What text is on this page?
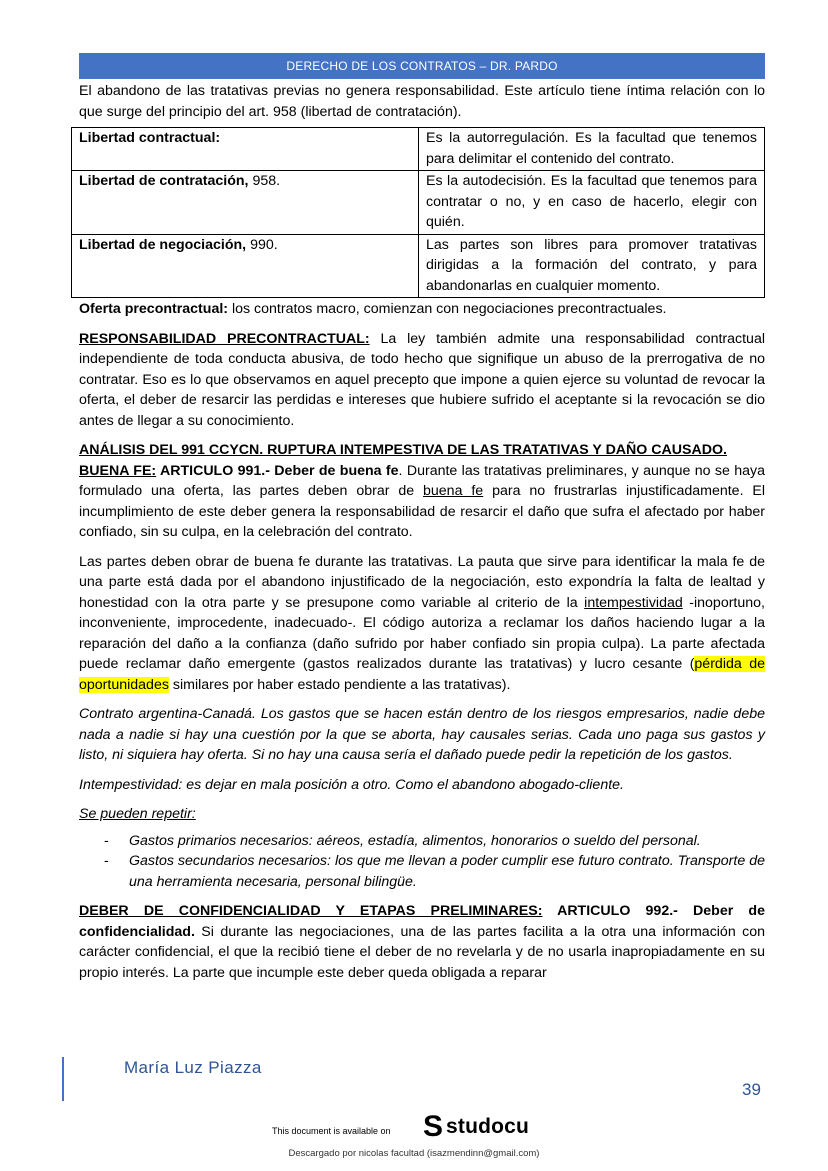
DERECHO DE LOS CONTRATOS – DR. PARDO

El abandono de las tratativas previas no genera responsabilidad. Este artículo tiene íntima relación con lo que surge del principio del art. 958 (libertad de contratación).

Libertad contractual:	Es la autorregulación. Es la facultad que tenemos para delimitar el contenido del contrato.
Libertad de contratación, 958.	Es la autodecisión. Es la facultad que tenemos para contratar o no, y en caso de hacerlo, elegir con quién.
Libertad de negociación, 990.	Las partes son libres para promover tratativas dirigidas a la formación del contrato, y para abandonarlas en cualquier momento.

Oferta precontractual: los contratos macro, comienzan con negociaciones precontractuales.

RESPONSABILIDAD PRECONTRACTUAL: La ley también admite una responsabilidad contractual independiente de toda conducta abusiva, de todo hecho que signifique un abuso de la prerrogativa de no contratar. Eso es lo que observamos en aquel precepto que impone a quien ejerce su voluntad de revocar la oferta, el deber de resarcir las perdidas e intereses que hubiere sufrido el aceptante si la revocación se dio antes de llegar a su conocimiento.

ANÁLISIS DEL 991 CCYCN. RUPTURA INTEMPESTIVA DE LAS TRATATIVAS Y DAÑO CAUSADO.

BUENA FE: ARTICULO 991.- Deber de buena fe. Durante las tratativas preliminares, y aunque no se haya formulado una oferta, las partes deben obrar de buena fe para no frustrarlas injustificadamente. El incumplimiento de este deber genera la responsabilidad de resarcir el daño que sufra el afectado por haber confiado, sin su culpa, en la celebración del contrato.

Las partes deben obrar de buena fe durante las tratativas. La pauta que sirve para identificar la mala fe de una parte está dada por el abandono injustificado de la negociación, esto expondría la falta de lealtad y honestidad con la otra parte y se presupone como variable al criterio de la intempestividad -inoportuno, inconveniente, improcedente, inadecuado-. El código autoriza a reclamar los daños haciendo lugar a la reparación del daño a la confianza (daño sufrido por haber confiado sin propia culpa). La parte afectada puede reclamar daño emergente (gastos realizados durante las tratativas) y lucro cesante (pérdida de oportunidades similares por haber estado pendiente a las tratativas).

Contrato argentina-Canadá. Los gastos que se hacen están dentro de los riesgos empresarios, nadie debe nada a nadie si hay una cuestión por la que se aborta, hay causales serias. Cada uno paga sus gastos y listo, ni siquiera hay oferta. Si no hay una causa sería el dañado puede pedir la repetición de los gastos.

Intempestividad: es dejar en mala posición a otro. Como el abandono abogado-cliente.

Se pueden repetir:

- Gastos primarios necesarios: aéreos, estadía, alimentos, honorarios o sueldo del personal.
- Gastos secundarios necesarios: los que me llevan a poder cumplir ese futuro contrato. Transporte de una herramienta necesaria, personal bilingüe.

DEBER DE CONFIDENCIALIDAD Y ETAPAS PRELIMINARES: ARTICULO 992.- Deber de confidencialidad. Si durante las negociaciones, una de las partes facilita a la otra una información con carácter confidencial, el que la recibió tiene el deber de no revelarla y de no usarla inapropiadamente en su propio interés. La parte que incumple este deber queda obligada a reparar

María Luz Piazza
39
This document is available on S studocu
Descargado por nicolas facultad (isazmendinn@gmail.com)
